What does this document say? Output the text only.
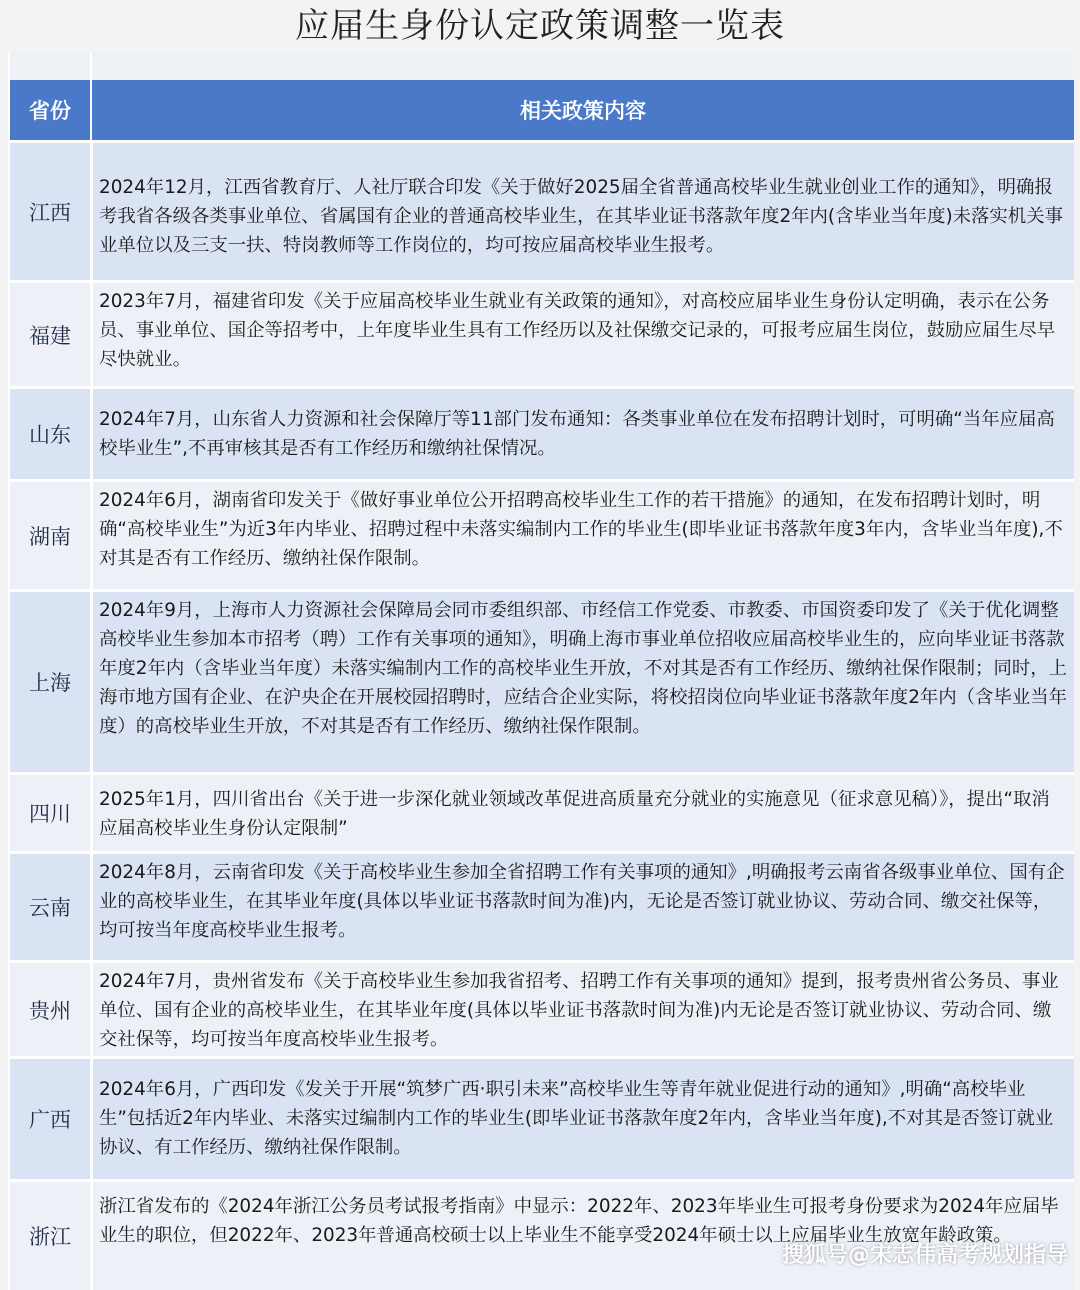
应届生身份认定政策调整一览表
省份	相关政策内容
江西
2024年12月，江西省教育厅、人社厅联合印发《关于做好2025届全省普通高校毕业生就业创业工作的通知》，明确报考我省各级各类事业单位、省属国有企业的普通高校毕业生，在其毕业证书落款年度2年内(含毕业当年度)未落实机关事业单位以及三支一扶、特岗教师等工作岗位的，均可按应届高校毕业生报考。
福建
2023年7月，福建省印发《关于应届高校毕业生就业有关政策的通知》，对高校应届毕业生身份认定明确，表示在公务员、事业单位、国企等招考中，上年度毕业生具有工作经历以及社保缴交记录的，可报考应届生岗位，鼓励应届生尽早尽快就业。
山东
2024年7月，山东省人力资源和社会保障厅等11部门发布通知：各类事业单位在发布招聘计划时，可明确“当年应届高校毕业生”,不再审核其是否有工作经历和缴纳社保情况。
湖南
2024年6月，湖南省印发关于《做好事业单位公开招聘高校毕业生工作的若干措施》的通知，在发布招聘计划时，明确“高校毕业生”为近3年内毕业、招聘过程中未落实编制内工作的毕业生(即毕业证书落款年度3年内，含毕业当年度),不对其是否有工作经历、缴纳社保作限制。
上海
2024年9月，上海市人力资源社会保障局会同市委组织部、市经信工作党委、市教委、市国资委印发了《关于优化调整高校毕业生参加本市招考（聘）工作有关事项的通知》，明确上海市事业单位招收应届高校毕业生的，应向毕业证书落款年度2年内（含毕业当年度）未落实编制内工作的高校毕业生开放，不对其是否有工作经历、缴纳社保作限制；同时，上海市地方国有企业、在沪央企在开展校园招聘时，应结合企业实际，将校招岗位向毕业证书落款年度2年内（含毕业当年度）的高校毕业生开放，不对其是否有工作经历、缴纳社保作限制。
四川
2025年1月，四川省出台《关于进一步深化就业领域改革促进高质量充分就业的实施意见（征求意见稿）》，提出“取消应届高校毕业生身份认定限制”
云南
2024年8月，云南省印发《关于高校毕业生参加全省招聘工作有关事项的通知》,明确报考云南省各级事业单位、国有企业的高校毕业生，在其毕业年度(具体以毕业证书落款时间为准)内，无论是否签订就业协议、劳动合同、缴交社保等，均可按当年度高校毕业生报考。
贵州
2024年7月，贵州省发布《关于高校毕业生参加我省招考、招聘工作有关事项的通知》提到，报考贵州省公务员、事业单位、国有企业的高校毕业生，在其毕业年度(具体以毕业证书落款时间为准)内无论是否签订就业协议、劳动合同、缴交社保等，均可按当年度高校毕业生报考。
广西
2024年6月，广西印发《发关于开展“筑梦广西·职引未来”高校毕业生等青年就业促进行动的通知》,明确“高校毕业生”包括近2年内毕业、未落实过编制内工作的毕业生(即毕业证书落款年度2年内，含毕业当年度),不对其是否签订就业协议、有工作经历、缴纳社保作限制。
浙江
浙江省发布的《2024年浙江公务员考试报考指南》中显示：2022年、2023年毕业生可报考身份要求为2024年应届毕业生的职位，但2022年、2023年普通高校硕士以上毕业生不能享受2024年硕士以上应届毕业生放宽年龄政策。
搜狐号@宋志伟高考规划指导
